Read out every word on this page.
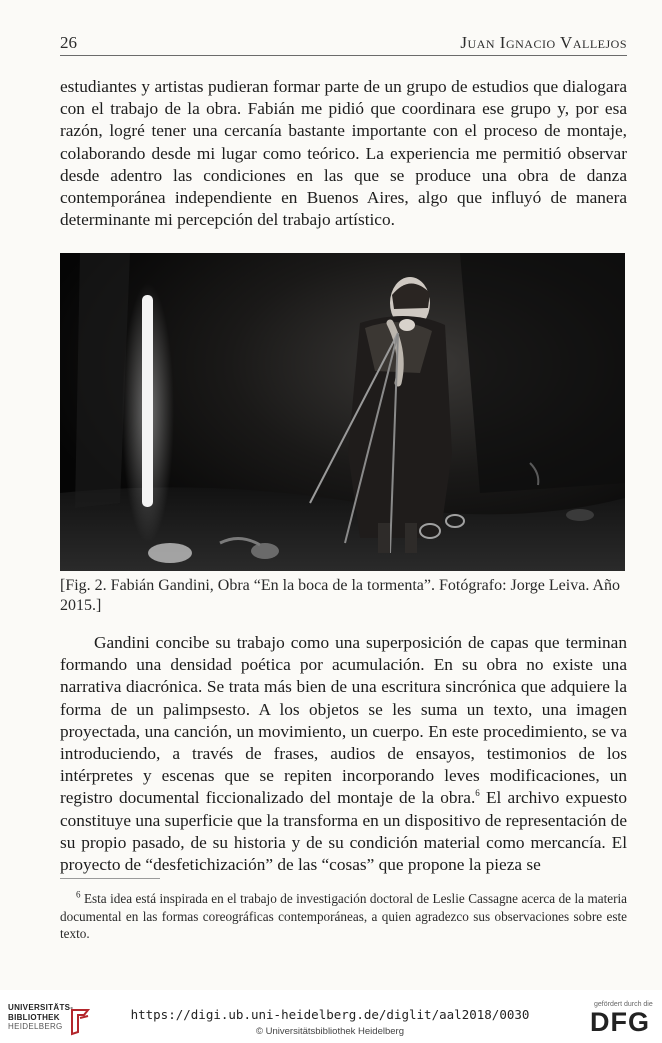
26	Juan Ignacio Vallejos

estudiantes y artistas pudieran formar parte de un grupo de estudios que dialogara con el trabajo de la obra. Fabián me pidió que coordinara ese grupo y, por esa razón, logré tener una cercanía bastante importante con el proceso de montaje, colaborando desde mi lugar como teórico. La experiencia me permitió observar desde adentro las condiciones en las que se produce una obra de danza contemporánea independiente en Buenos Aires, algo que influyó de manera determinante mi percepción del trabajo artístico.

[Fig. 2. Fabián Gandini, Obra “En la boca de la tormenta”. Fotógrafo: Jorge Leiva. Año 2015.]

Gandini concibe su trabajo como una superposición de capas que terminan formando una densidad poética por acumulación. En su obra no existe una narrativa diacrónica. Se trata más bien de una escritura sincrónica que adquiere la forma de un palimpsesto. A los objetos se les suma un texto, una imagen proyectada, una canción, un movimiento, un cuerpo. En este procedimiento, se va introduciendo, a través de frases, audios de ensayos, testimonios de los intérpretes y escenas que se repiten incorporando leves modificaciones, un registro documental ficcionalizado del montaje de la obra.$^6$ El archivo expuesto constituye una superficie que la transforma en un dispositivo de representación de su propio pasado, de su historia y de su condición material como mercancía. El proyecto de “desfetichización” de las “cosas” que propone la pieza se

$^6$ Esta idea está inspirada en el trabajo de investigación doctoral de Leslie Cassagne acerca de la materia documental en las formas coreográficas contemporáneas, a quien agradezco sus observaciones sobre este texto.

UNIVERSITÄTS-
BIBLIOTHEK
HEIDELBERG
https://digi.ub.uni-heidelberg.de/diglit/aal2018/0030
© Universitätsbibliothek Heidelberg
gefördert durch die
DFG
